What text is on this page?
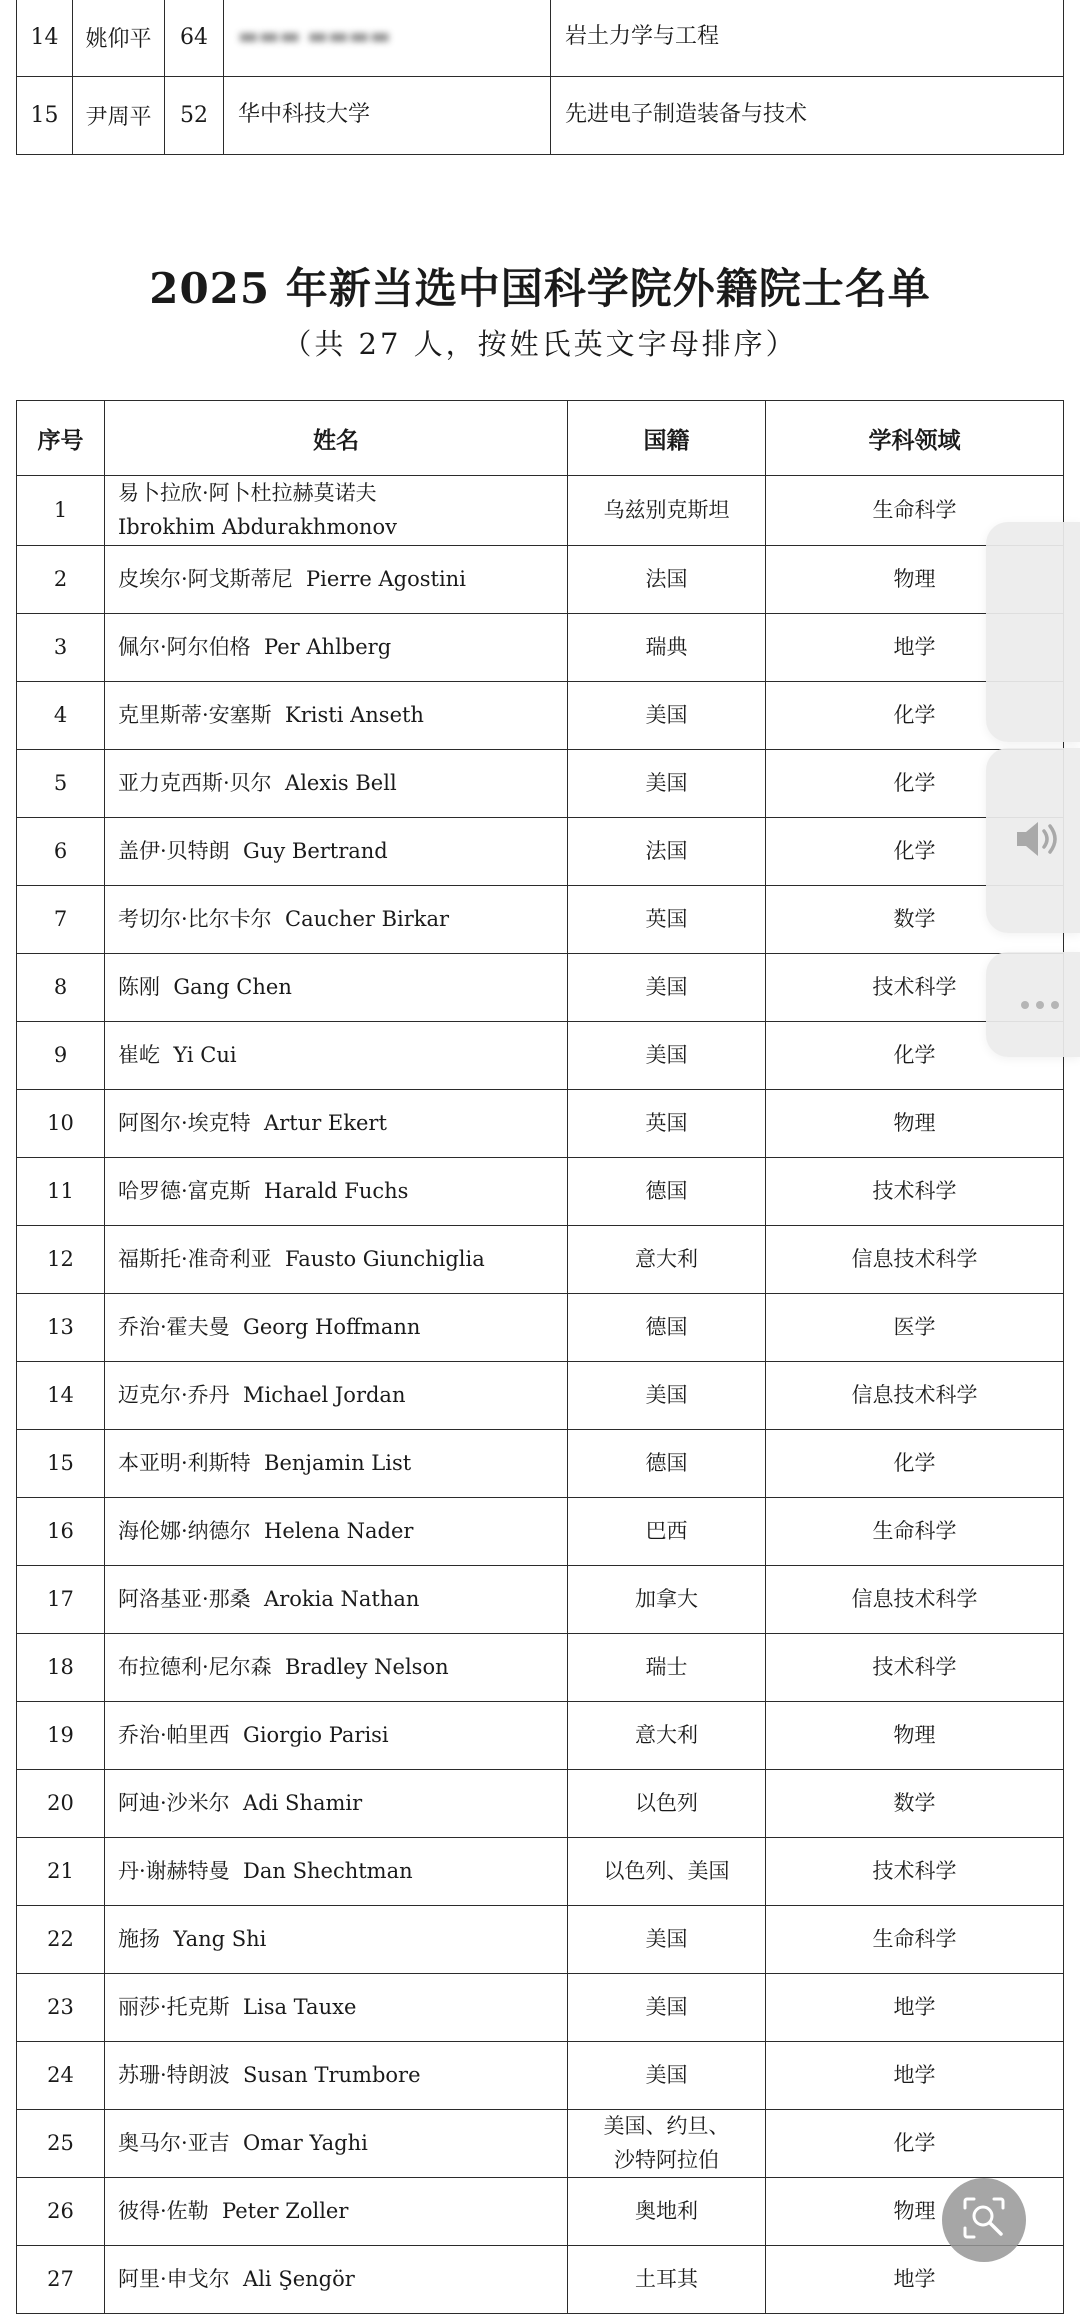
14	姚仰平	64	▬▬▬ ▬▬▬▬	岩土力学与工程
15	尹周平	52	华中科技大学	先进电子制造装备与技术
2025 年新当选中国科学院外籍院士名单

（共 27 人，按姓氏英文字母排序）

序号	姓名	国籍	学科领域
1	易卜拉欣·阿卜杜拉赫莫诺夫
Ibrokhim Abdurakhmonov	乌兹别克斯坦	生命科学
2	皮埃尔·阿戈斯蒂尼 Pierre Agostini	法国	物理
3	佩尔·阿尔伯格 Per Ahlberg	瑞典	地学
4	克里斯蒂·安塞斯 Kristi Anseth	美国	化学
5	亚力克西斯·贝尔 Alexis Bell	美国	化学
6	盖伊·贝特朗 Guy Bertrand	法国	化学
7	考切尔·比尔卡尔 Caucher Birkar	英国	数学
8	陈刚 Gang Chen	美国	技术科学
9	崔屹 Yi Cui	美国	化学
10	阿图尔·埃克特 Artur Ekert	英国	物理
11	哈罗德·富克斯 Harald Fuchs	德国	技术科学
12	福斯托·准奇利亚 Fausto Giunchiglia	意大利	信息技术科学
13	乔治·霍夫曼 Georg Hoffmann	德国	医学
14	迈克尔·乔丹 Michael Jordan	美国	信息技术科学
15	本亚明·利斯特 Benjamin List	德国	化学
16	海伦娜·纳德尔 Helena Nader	巴西	生命科学
17	阿洛基亚·那桑 Arokia Nathan	加拿大	信息技术科学
18	布拉德利·尼尔森 Bradley Nelson	瑞士	技术科学
19	乔治·帕里西 Giorgio Parisi	意大利	物理
20	阿迪·沙米尔 Adi Shamir	以色列	数学
21	丹·谢赫特曼 Dan Shechtman	以色列、美国	技术科学
22	施扬 Yang Shi	美国	生命科学
23	丽莎·托克斯 Lisa Tauxe	美国	地学
24	苏珊·特朗波 Susan Trumbore	美国	地学
25	奥马尔·亚吉 Omar Yaghi	美国、约旦、沙特阿拉伯	化学
26	彼得·佐勒 Peter Zoller	奥地利	物理
27	阿里·申戈尔 Ali Şengör	土耳其	地学
